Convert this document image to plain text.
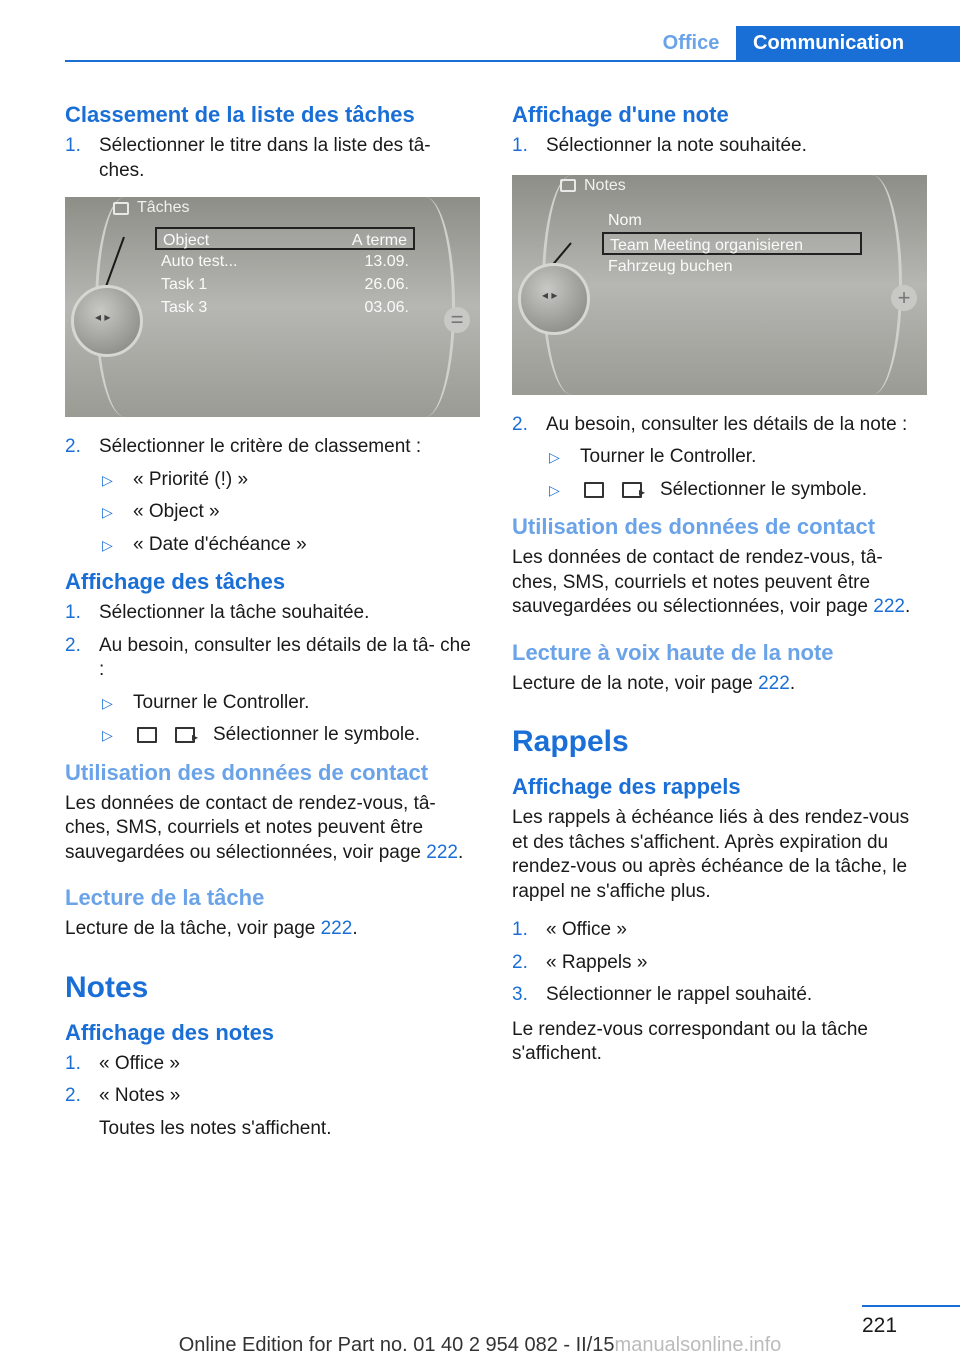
Office	Communication
Classement de la liste des tâches
1. Sélectionner le titre dans la liste des tâ- ches.
Tâches
Object	A terme
Auto test...	13.09.
Task 1	26.06.
Task 3	03.06.
◂ ▸	=
2. Sélectionner le critère de classement :
▷ « Priorité (!) »
▷ « Object »
▷ « Date d'échéance »
Affichage des tâches
1. Sélectionner la tâche souhaitée.
2. Au besoin, consulter les détails de la tâ- che :
▷ Tourner le Controller.
▷ ▸	Sélectionner le symbole.
Utilisation des données de contact

Les données de contact de rendez-vous, tâ- ches, SMS, courriels et notes peuvent être sauvegardées ou sélectionnées, voir page 222.

Lecture de la tâche

Lecture de la tâche, voir page 222.

Notes
Affichage des notes
1. « Office »
2. « Notes »
Toutes les notes s'affichent.
Affichage d'une note
1. Sélectionner la note souhaitée.
Notes
Nom
Team Meeting organisieren
Fahrzeug buchen
◂ ▸	+
2. Au besoin, consulter les détails de la note :
▷ Tourner le Controller.
▷ ▸	Sélectionner le symbole.
Utilisation des données de contact

Les données de contact de rendez-vous, tâ- ches, SMS, courriels et notes peuvent être sauvegardées ou sélectionnées, voir page 222.

Lecture à voix haute de la note

Lecture de la note, voir page 222.

Rappels
Affichage des rappels

Les rappels à échéance liés à des rendez-vous et des tâches s'affichent. Après expiration du rendez-vous ou après échéance de la tâche, le rappel ne s'affiche plus.

1. « Office »
2. « Rappels »
3. Sélectionner le rappel souhaité.

Le rendez-vous correspondant ou la tâche s'affichent.

221
Online Edition for Part no. 01 40 2 954 082 - II/15manualsonline.info
